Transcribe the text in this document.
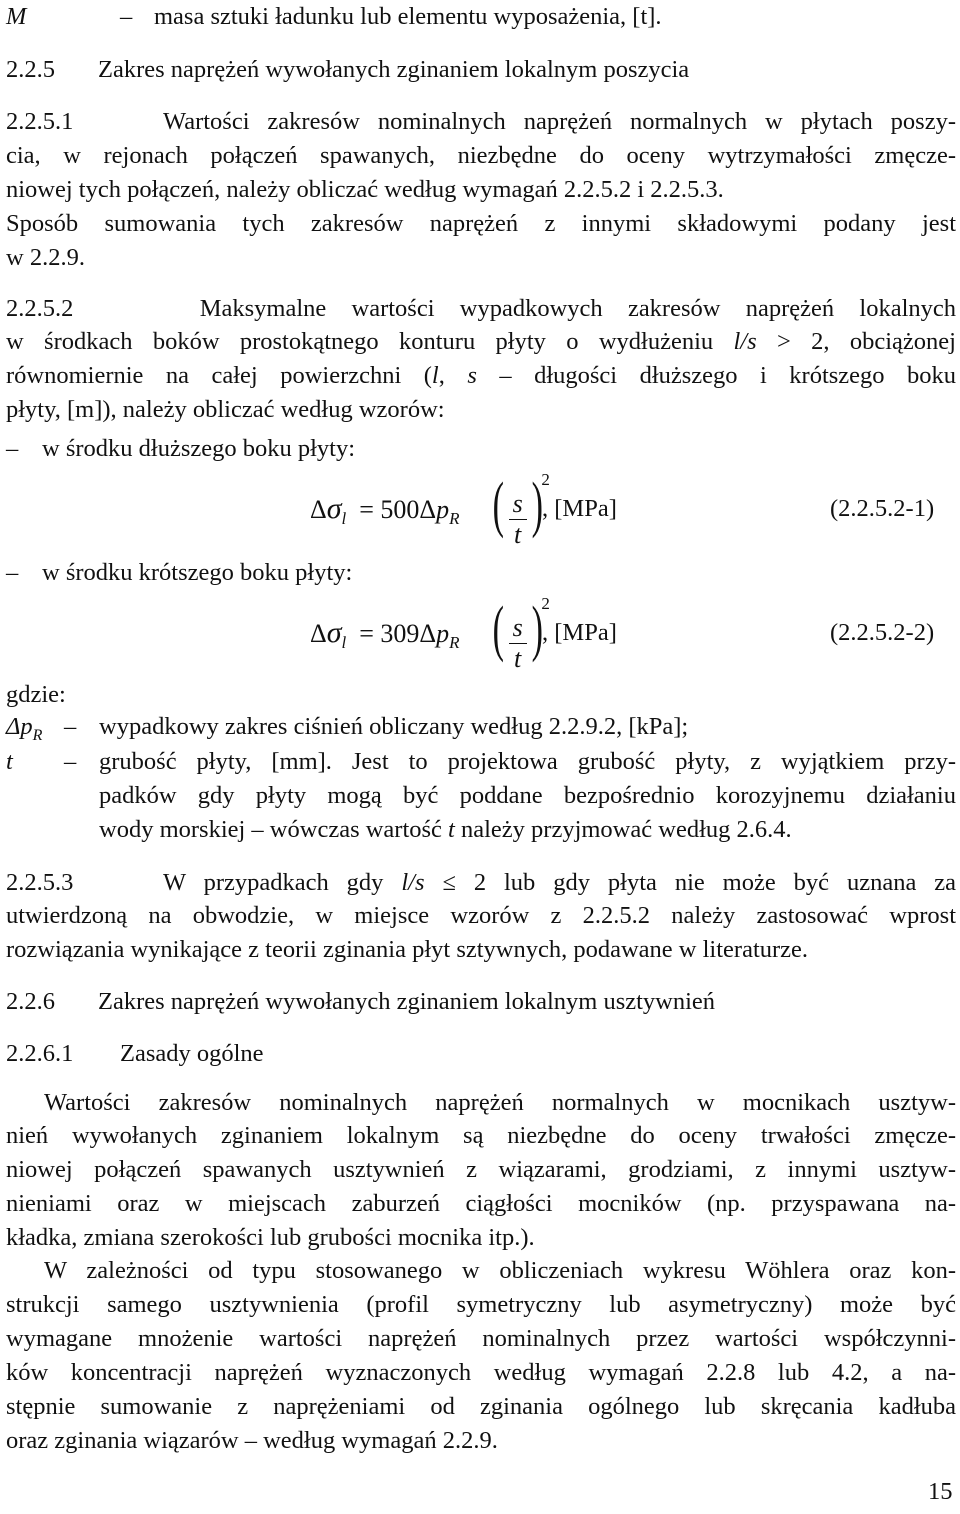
M	– masa sztuki ładunku lub elementu wyposażenia, [t].
2.2.5 Zakres naprężeń wywołanych zginaniem lokalnym poszycia
2.2.5.1	Wartości zakresów nominalnych naprężeń normalnych w płytach poszy-
cia, w rejonach połączeń spawanych, niezbędne do oceny wytrzymałości zmęcze-
niowej tych połączeń, należy obliczać według wymagań 2.2.5.2 i 2.2.5.3.
Sposób sumowania tych zakresów naprężeń z innymi składowymi podany jest
w 2.2.9.
2.2.5.2	Maksymalne wartości wypadkowych zakresów naprężeń lokalnych
w środkach boków prostokątnego konturu płyty o wydłużeniu l/s > 2, obciążonej
równomiernie na całej powierzchni (l, s – długości dłuższego i krótszego boku
płyty, [m]), należy obliczać według wzorów:
– w środku dłuższego boku płyty:
$\Delta\sigma_l = 500\Delta p_R$ ( $\frac{s}{t} )^2$
, [MPa]	(2.2.5.2-1)
– w środku krótszego boku płyty:
$\Delta\sigma_l = 309\Delta p_R$ ( $\frac{s}{t} )^2$
, [MPa]	(2.2.5.2-2)
gdzie:
$\Delta p_R$ – wypadkowy zakres ciśnień obliczany według 2.2.9.2, [kPa];
t – grubość płyty, [mm]. Jest to projektowa grubość płyty, z wyjątkiem przy-
padków gdy płyty mogą być poddane bezpośrednio korozyjnemu działaniu
wody morskiej – wówczas wartość t należy przyjmować według 2.6.4.
2.2.5.3	W przypadkach gdy l/s ≤ 2 lub gdy płyta nie może być uznana za
utwierdzoną na obwodzie, w miejsce wzorów z 2.2.5.2 należy zastosować wprost
rozwiązania wynikające z teorii zginania płyt sztywnych, podawane w literaturze.
2.2.6 Zakres naprężeń wywołanych zginaniem lokalnym usztywnień
2.2.6.1 Zasady ogólne
Wartości zakresów nominalnych naprężeń normalnych w mocnikach usztyw-
nień wywołanych zginaniem lokalnym są niezbędne do oceny trwałości zmęcze-
niowej połączeń spawanych usztywnień z wiązarami, grodziami, z innymi usztyw-
nieniami oraz w miejscach zaburzeń ciągłości mocników (np. przyspawana na-
kładka, zmiana szerokości lub grubości mocnika itp.).
W zależności od typu stosowanego w obliczeniach wykresu Wöhlera oraz kon-
strukcji samego usztywnienia (profil symetryczny lub asymetryczny) może być
wymagane mnożenie wartości naprężeń nominalnych przez wartości współczynni-
ków koncentracji naprężeń wyznaczonych według wymagań 2.2.8 lub 4.2, a na-
stępnie sumowanie z naprężeniami od zginania ogólnego lub skręcania kadłuba
oraz zginania wiązarów – według wymagań 2.2.9.
15
